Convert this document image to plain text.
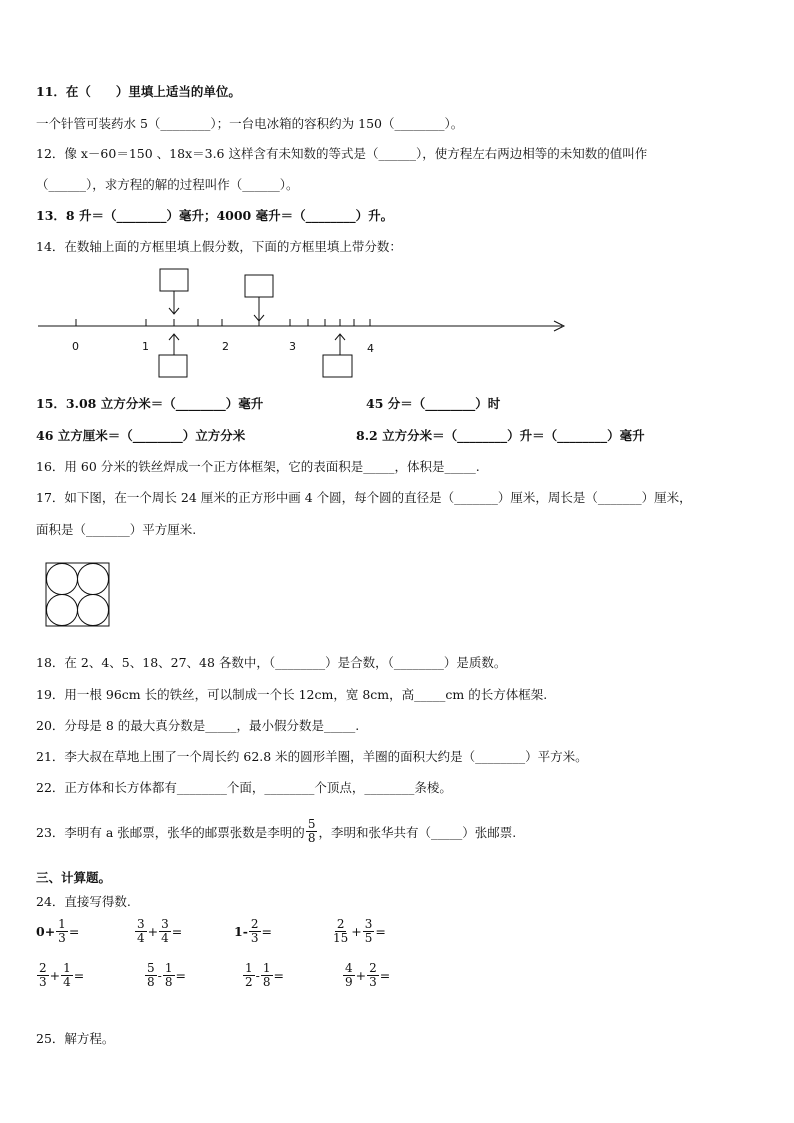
11．在（　　）里填上适当的单位。
一个针管可装药水 5（________）；一台电冰箱的容积约为 150（________）。
12．像 x－60＝150 、18x＝3.6 这样含有未知数的等式是（______），使方程左右两边相等的未知数的值叫作
（______），求方程的解的过程叫作（______）。
13．8 升＝（________）毫升；4000 毫升＝（________）升。
14．在数轴上面的方框里填上假分数，下面的方框里填上带分数：
0	1	2	3	4
15．3.08 立方分米＝（________）毫升	45 分＝（________）时
46 立方厘米＝（________）立方分米	8.2 立方分米＝（________）升＝（________）毫升
16．用 60 分米的铁丝焊成一个正方体框架，它的表面积是_____，体积是_____.
17．如下图，在一个周长 24 厘米的正方形中画 4 个圆，每个圆的直径是（_______）厘米，周长是（_______）厘米，
面积是（_______）平方厘米.
18．在 2、4、5、18、27、48 各数中，（________）是合数，（________）是质数。
19．用一根 96cm 长的铁丝，可以制成一个长 12cm，宽 8cm，高_____cm 的长方体框架.
20．分母是 8 的最大真分数是_____，最小假分数是_____.
21．李大叔在草地上围了一个周长约 62.8 米的圆形羊圈，羊圈的面积大约是（________）平方米。
22．正方体和长方体都有________个面，________个顶点，________条棱。
23．李明有 a 张邮票，张华的邮票张数是李明的 $\frac{5}{8}$ ，李明和张华共有（_____）张邮票.
三、计算题。
24．直接写得数.
$0+ \frac{1}{3}$ =	$\frac{3}{4} + \frac{3}{4}$ =	$1- \frac{2}{3}$ =	$\frac{2}{15} + \frac{3}{5}$ =
$\frac{2}{3} + \frac{1}{4}$ =	$\frac{5}{8} - \frac{1}{8}$ =	$\frac{1}{2} - \frac{1}{8}$ =	$\frac{4}{9} + \frac{2}{3}$ =
25．解方程。
